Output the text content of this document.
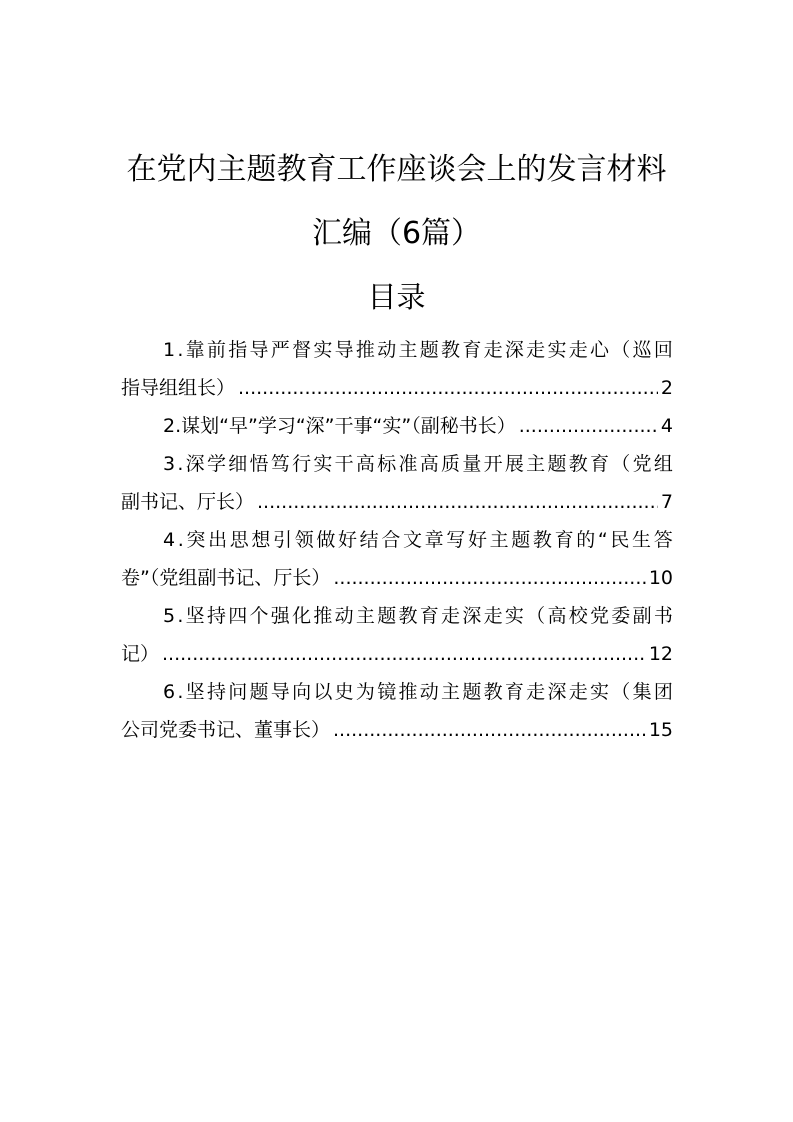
在党内主题教育工作座谈会上的发言材料
汇编（6篇）
目录
1 . 靠 前 指 导 严 督 实 导 推 动 主 题 教 育 走 深 走 实 走 心 （ 巡 回
指导组组长） .....	2
2.谋划“早”学习“深”干事“实”（副秘书长） .....	4
3 . 深 学 细 悟 笃 行 实 干 高 标 准 高 质 量 开 展 主 题 教 育 （ 党 组
副书记、厅长） .....	7
4 . 突 出 思 想 引 领 做 好 结 合 文 章 写 好 主 题 教 育 的 “ 民 生 答
卷”（党组副书记、厅长） .....	10
5 . 坚 持 四 个 强 化 推 动 主 题 教 育 走 深 走 实 （ 高 校 党 委 副 书
记） .....	12
6 . 坚 持 问 题 导 向 以 史 为 镜 推 动 主 题 教 育 走 深 走 实 （ 集 团
公司党委书记、董事长） .....	15
